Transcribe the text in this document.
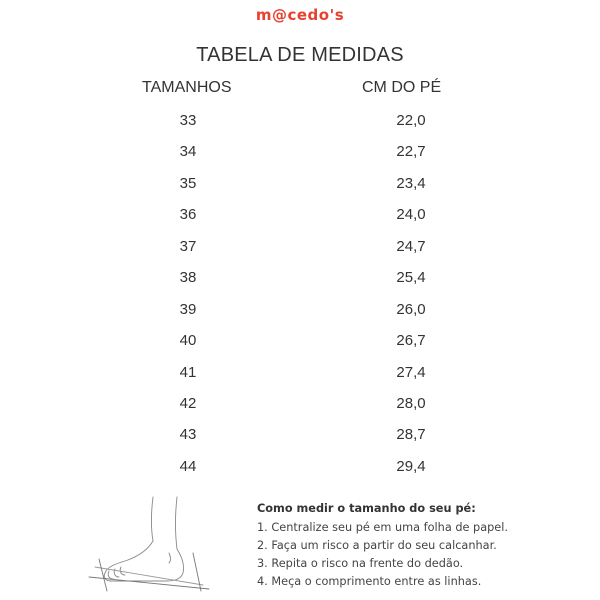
m@cedo's
TABELA DE MEDIDAS
TAMANHOS	CM DO PÉ
33	22,0
34	22,7
35	23,4
36	24,0
37	24,7
38	25,4
39	26,0
40	26,7
41	27,4
42	28,0
43	28,7
44	29,4
Como medir o tamanho do seu pé:
1. Centralize seu pé em uma folha de papel.
2. Faça um risco a partir do seu calcanhar.
3. Repita o risco na frente do dedão.
4. Meça o comprimento entre as linhas.
